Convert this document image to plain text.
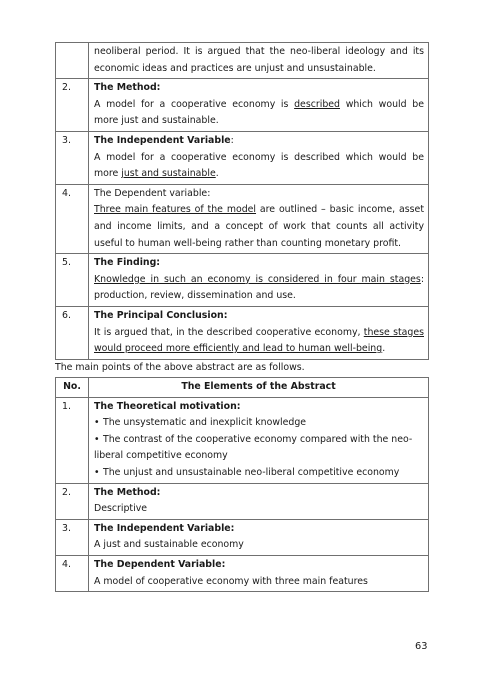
	neoliberal period. It is argued that the neo-liberal ideology and its economic ideas and practices are unjust and unsustainable.
2.	The Method:
A model for a cooperative economy is described which would be more just and sustainable.
3.	The Independent Variable:
A model for a cooperative economy is described which would be more just and sustainable.
4.	The Dependent variable:
Three main features of the model are outlined – basic income, asset and income limits, and a concept of work that counts all activity useful to human well-being rather than counting monetary profit.
5.	The Finding:
Knowledge in such an economy is considered in four main stages: production, review, dissemination and use.
6.	The Principal Conclusion:
It is argued that, in the described cooperative economy, these stages would proceed more efficiently and lead to human well-being.

The main points of the above abstract are as follows.

No.	The Elements of the Abstract
1.	The Theoretical motivation:
• The unsystematic and inexplicit knowledge
• The contrast of the cooperative economy compared with the neo-liberal competitive economy
• The unjust and unsustainable neo-liberal competitive economy

2.	The Method:
Descriptive

3.	The Independent Variable:
A just and sustainable economy

4.	The Dependent Variable:
A model of cooperative economy with three main features
63
